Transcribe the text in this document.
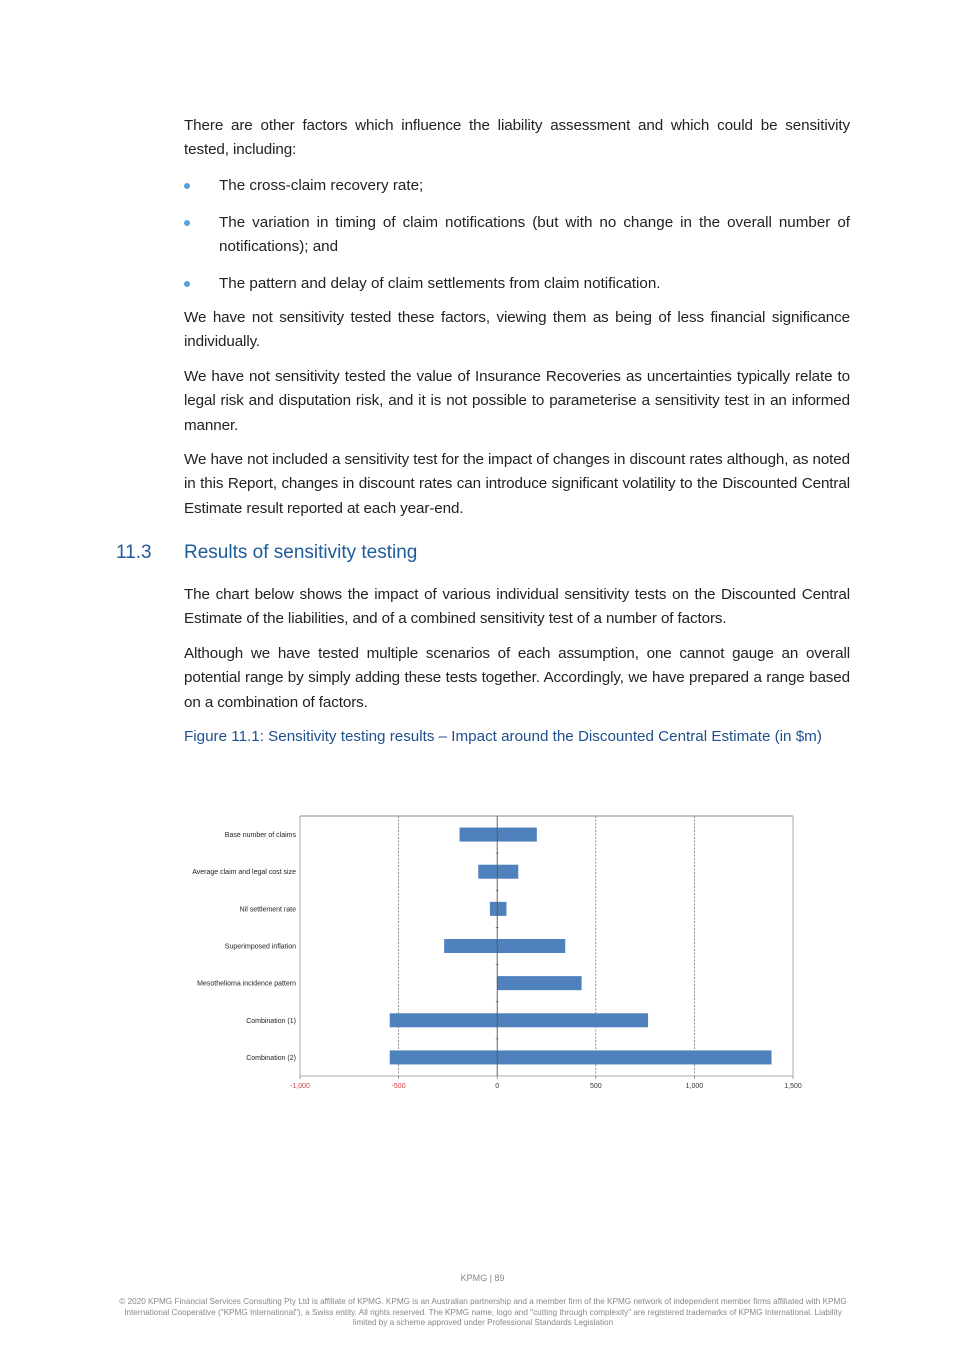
There are other factors which influence the liability assessment and which could be sensitivity tested, including:

The cross-claim recovery rate;
The variation in timing of claim notifications (but with no change in the overall number of notifications); and
The pattern and delay of claim settlements from claim notification.

We have not sensitivity tested these factors, viewing them as being of less financial significance individually.

We have not sensitivity tested the value of Insurance Recoveries as uncertainties typically relate to legal risk and disputation risk, and it is not possible to parameterise a sensitivity test in an informed manner.

We have not included a sensitivity test for the impact of changes in discount rates although, as noted in this Report, changes in discount rates can introduce significant volatility to the Discounted Central Estimate result reported at each year-end.

11.3 Results of sensitivity testing

The chart below shows the impact of various individual sensitivity tests on the Discounted Central Estimate of the liabilities, and of a combined sensitivity test of a number of factors.

Although we have tested multiple scenarios of each assumption, one cannot gauge an overall potential range by simply adding these tests together. Accordingly, we have prepared a range based on a combination of factors.

Figure 11.1: Sensitivity testing results – Impact around the Discounted Central Estimate (in $m)
Base number of claims
Average claim and legal cost size
Nil settlement rate
Superimposed inflation
Mesothelioma incidence pattern
Combination (1)
Combination (2)
-1,000	-500	0	500	1,000	1,500
KPMG | 89
© 2020 KPMG Financial Services Consulting Pty Ltd is affiliate of KPMG. KPMG is an Australian partnership and a member firm of the KPMG network of independent member firms affiliated with KPMG International Cooperative ("KPMG International"), a Swiss entity. All rights reserved. The KPMG name, logo and "cutting through complexity" are registered trademarks of KPMG International. Liability limited by a scheme approved under Professional Standards Legislation
